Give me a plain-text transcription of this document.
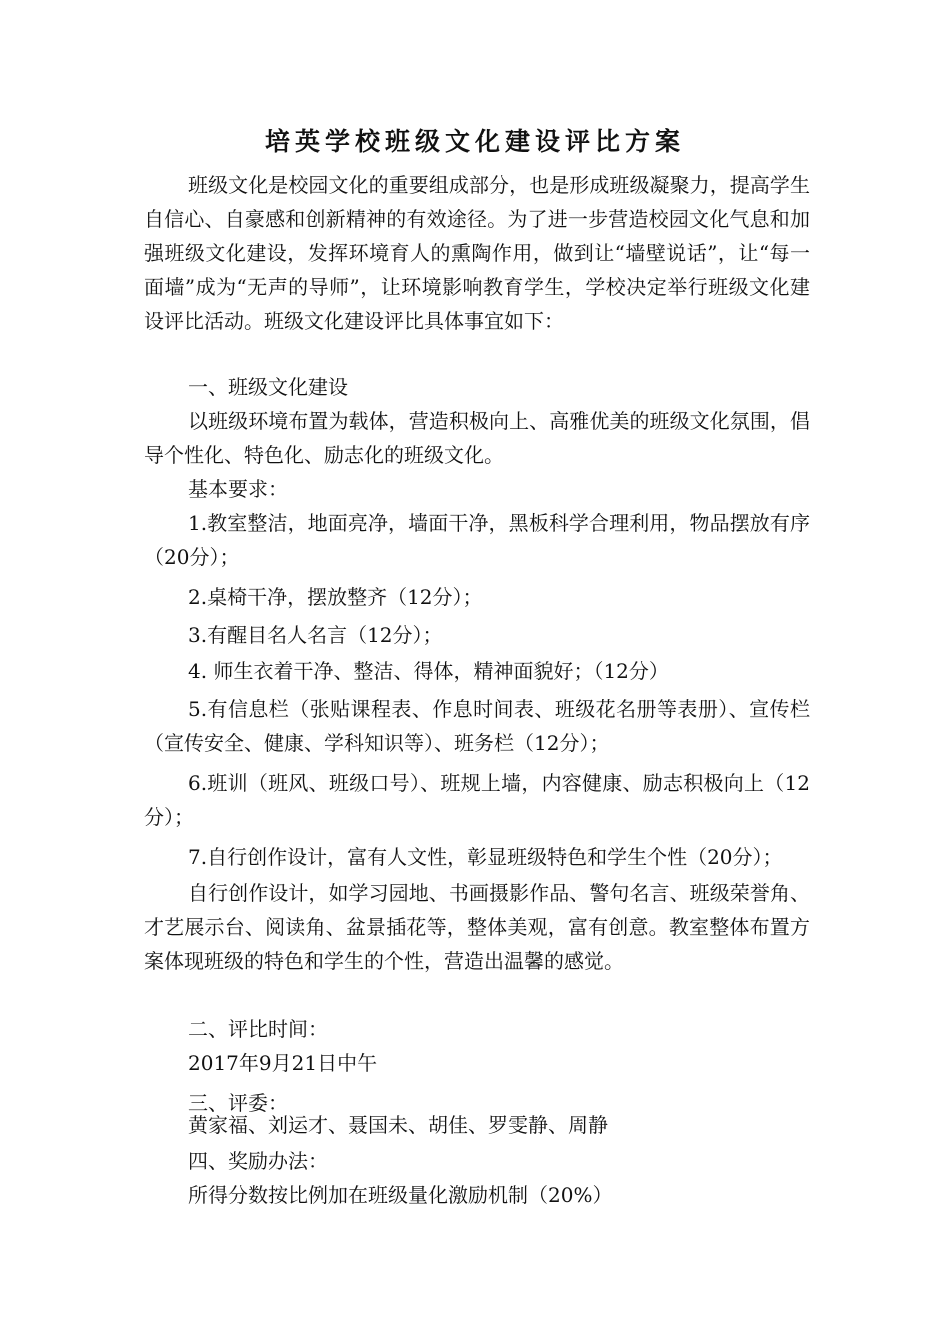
培英学校班级文化建设评比方案

班级文化是校园文化的重要组成部分，也是形成班级凝聚力，提高学生自信心、自豪感和创新精神的有效途径。为了进一步营造校园文化气息和加强班级文化建设，发挥环境育人的熏陶作用，做到让“墙壁说话”，让“每一面墙”成为“无声的导师”，让环境影响教育学生，学校决定举行班级文化建设评比活动。班级文化建设评比具体事宜如下：

一、班级文化建设

以班级环境布置为载体，营造积极向上、高雅优美的班级文化氛围，倡导个性化、特色化、励志化的班级文化。

基本要求：

1.教室整洁，地面亮净，墙面干净，黑板科学合理利用，物品摆放有序（20分）；

2.桌椅干净，摆放整齐（12分）；

3.有醒目名人名言（12分）；

4. 师生衣着干净、整洁、得体，精神面貌好；（12分）

5.有信息栏（张贴课程表、作息时间表、班级花名册等表册）、宣传栏（宣传安全、健康、学科知识等）、班务栏（12分）；

6.班训（班风、班级口号）、班规上墙，内容健康、励志积极向上（12分）；

7.自行创作设计，富有人文性，彰显班级特色和学生个性（20分）；

自行创作设计，如学习园地、书画摄影作品、警句名言、班级荣誉角、才艺展示台、阅读角、盆景插花等，整体美观，富有创意。教室整体布置方案体现班级的特色和学生的个性，营造出温馨的感觉。

二、评比时间：

2017年9月21日中午

三、评委：

黄家福、刘运才、聂国未、胡佳、罗雯静、周静

四、奖励办法：

所得分数按比例加在班级量化激励机制（20%）
